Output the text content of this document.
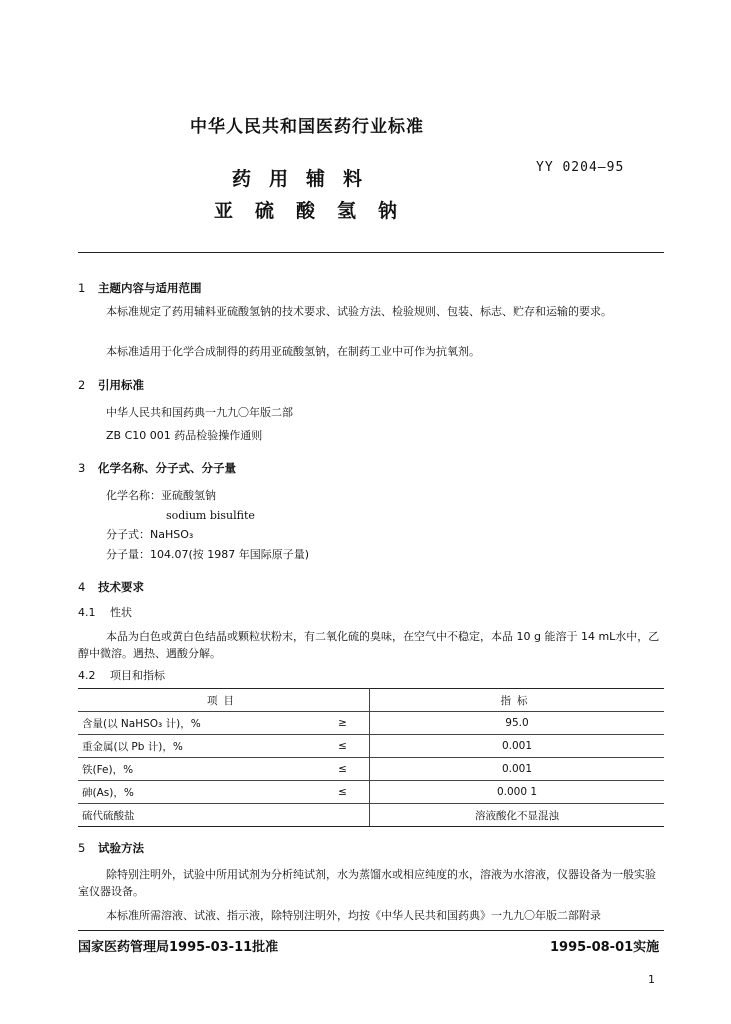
中华人民共和国医药行业标准
药用辅料
亚硫酸氢钠
YY 0204—95
1 主题内容与适用范围
本标准规定了药用辅料亚硫酸氢钠的技术要求、试验方法、检验规则、包装、标志、贮存和运输的要求。
本标准适用于化学合成制得的药用亚硫酸氢钠，在制药工业中可作为抗氧剂。
2 引用标准
中华人民共和国药典一九九〇年版二部
ZB C10 001 药品检验操作通则
3 化学名称、分子式、分子量
化学名称：亚硫酸氢钠
sodium bisulfite
分子式：NaHSO₃
分子量：104.07(按 1987 年国际原子量)
4 技术要求
4.1 性状
本品为白色或黄白色结晶或颗粒状粉末，有二氧化硫的臭味，在空气中不稳定，本品 10 g 能溶于 14 mL水中，乙醇中微溶。遇热、遇酸分解。
4.2 项目和指标
项目		指标
含量(以 NaHSO₃ 计)，%	≥	95.0
重金属(以 Pb 计)，%	≤	0.001
铁(Fe)，%	≤	0.001
砷(As)，%	≤	0.000 1
硫代硫酸盐		溶液酸化不显混浊
5 试验方法
除特别注明外，试验中所用试剂为分析纯试剂，水为蒸馏水或相应纯度的水，溶液为水溶液，仪器设备为一般实验室仪器设备。
本标准所需溶液、试液、指示液，除特别注明外，均按《中华人民共和国药典》一九九〇年版二部附录
国家医药管理局1995-03-11批准	1995-08-01实施
1
